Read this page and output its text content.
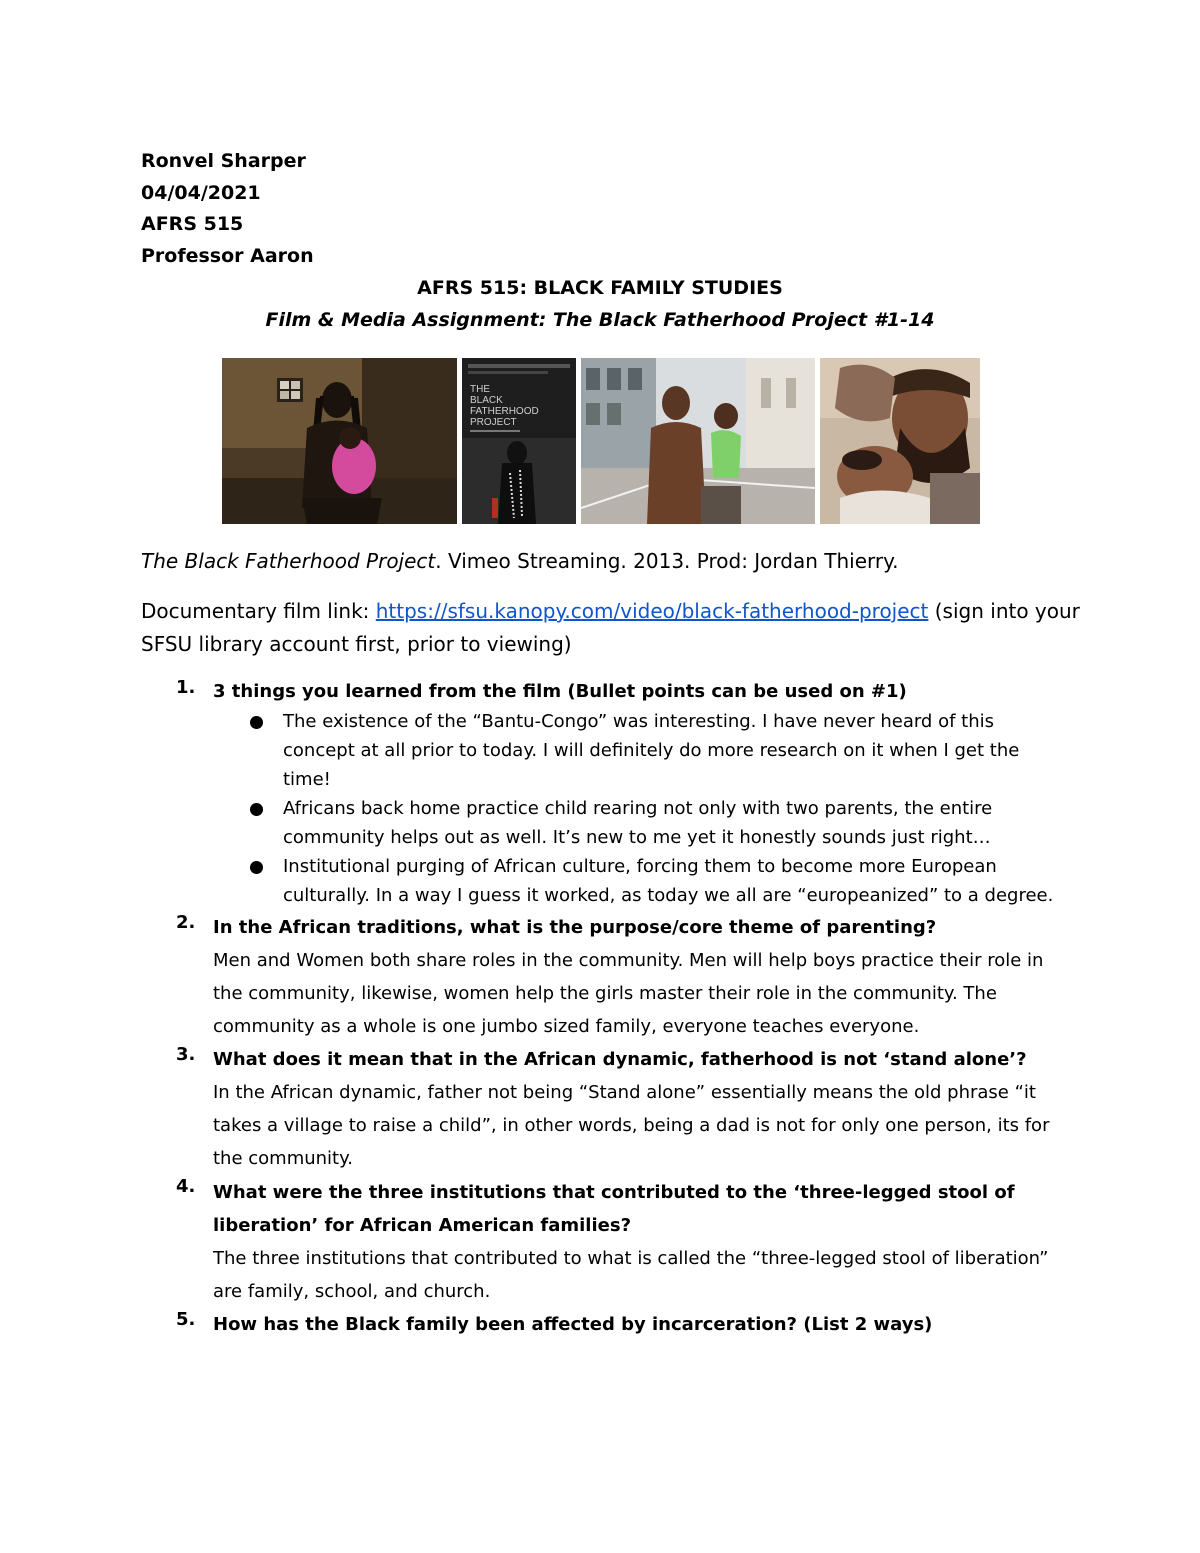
Ronvel Sharper
04/04/2021
AFRS 515
Professor Aaron
AFRS 515: BLACK FAMILY STUDIES
Film & Media Assignment: The Black Fatherhood Project #1-14
THE
BLACK
FATHERHOOD
PROJECT
The Black Fatherhood Project. Vimeo Streaming. 2013. Prod: Jordan Thierry.
Documentary film link: https://sfsu.kanopy.com/video/black-fatherhood-project (sign into your SFSU library account first, prior to viewing)
1. 3 things you learned from the film (Bullet points can be used on #1)
The existence of the “Bantu-Congo” was interesting. I have never heard of this concept at all prior to today. I will definitely do more research on it when I get the time!
Africans back home practice child rearing not only with two parents, the entire community helps out as well. It’s new to me yet it honestly sounds just right…
Institutional purging of African culture, forcing them to become more European culturally. In a way I guess it worked, as today we all are “europeanized” to a degree.
2. In the African traditions, what is the purpose/core theme of parenting?
Men and Women both share roles in the community. Men will help boys practice their role in the community, likewise, women help the girls master their role in the community. The community as a whole is one jumbo sized family, everyone teaches everyone.
3. What does it mean that in the African dynamic, fatherhood is not ‘stand alone’?
In the African dynamic, father not being “Stand alone” essentially means the old phrase “it takes a village to raise a child”, in other words, being a dad is not for only one person, its for the community.
4. What were the three institutions that contributed to the ‘three-legged stool of liberation’ for African American families?
The three institutions that contributed to what is called the “three-legged stool of liberation” are family, school, and church.
5. How has the Black family been affected by incarceration? (List 2 ways)
